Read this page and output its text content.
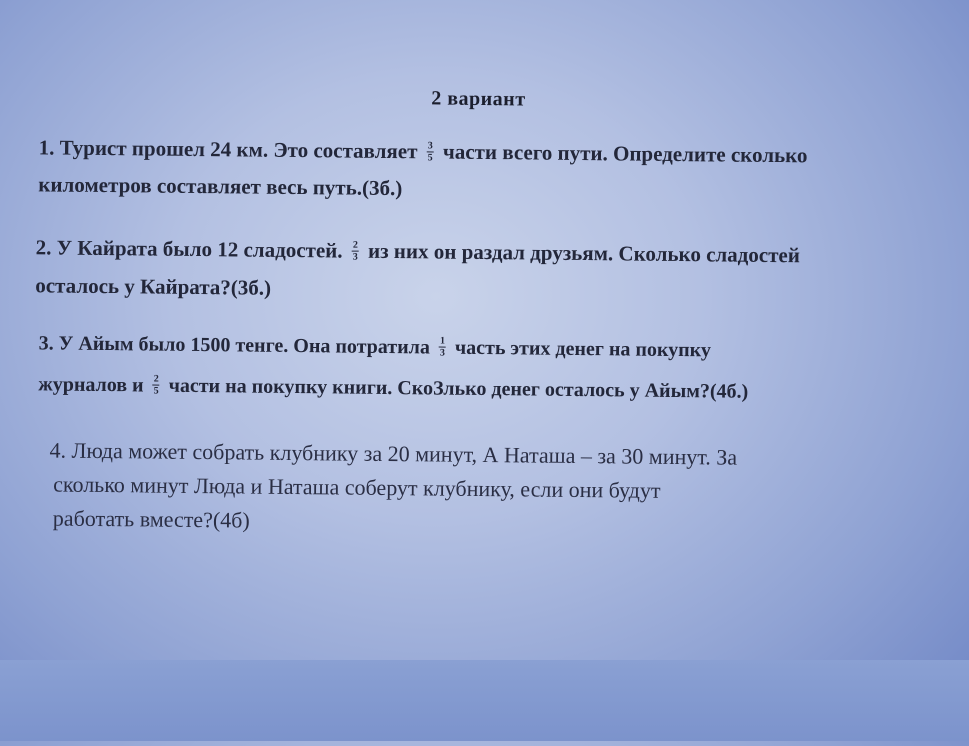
2 вариант
1. Турист прошел 24 км. Это составляет $\frac{3}{5}$ части всего пути. Определите сколько
километров составляет весь путь.(3б.)
2. У Кайрата было 12 сладостей. $\frac{2}{3}$ из них он раздал друзьям. Сколько сладостей
осталось у Кайрата?(3б.)
3. У Айым было 1500 тенге. Она потратила $\frac{1}{3}$ часть этих денег на покупку
журналов и $\frac{2}{5}$ части на покупку книги. СкоЗлько денег осталось у Айым?(4б.)
4. Люда может собрать клубнику за 20 минут, А Наташа – за 30 минут. За
сколько минут Люда и Наташа соберут клубнику, если они будут
работать вместе?(4б)
